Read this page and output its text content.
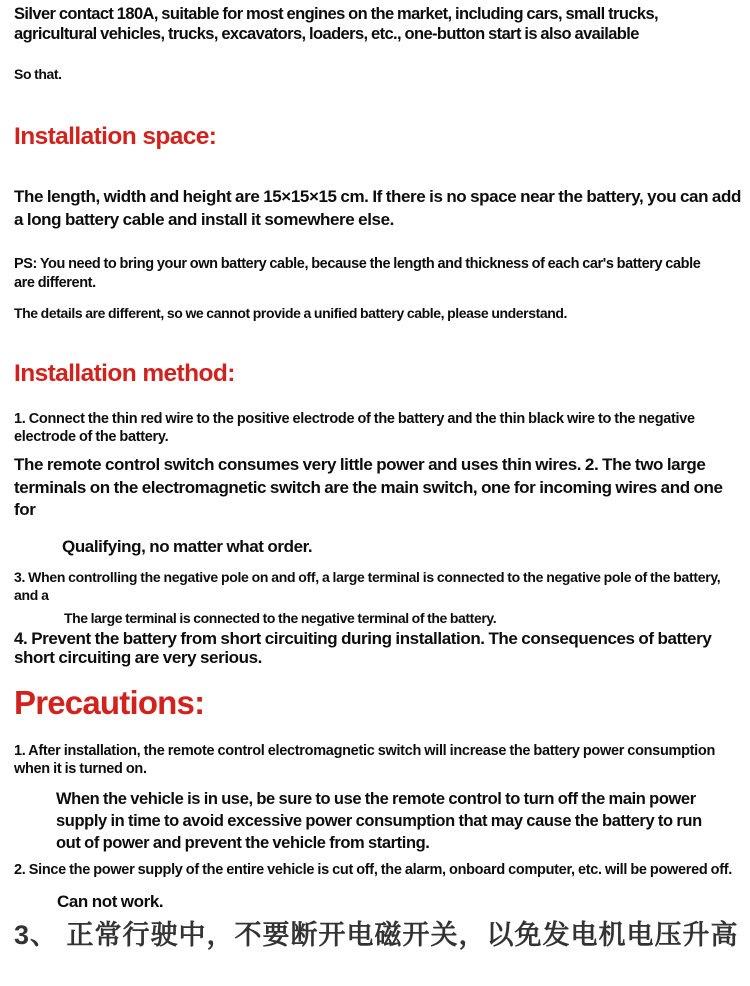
Silver contact 180A, suitable for most engines on the market, including cars, small trucks, agricultural vehicles, trucks, excavators, loaders, etc., one-button start is also available
So that.
Installation space:
The length, width and height are 15×15×15 cm. If there is no space near the battery, you can add a long battery cable and install it somewhere else.
PS: You need to bring your own battery cable, because the length and thickness of each car's battery cable are different.
The details are different, so we cannot provide a unified battery cable, please understand.
Installation method:
1. Connect the thin red wire to the positive electrode of the battery and the thin black wire to the negative electrode of the battery.
The remote control switch consumes very little power and uses thin wires. 2. The two large terminals on the electromagnetic switch are the main switch, one for incoming wires and one for
Qualifying, no matter what order.
3. When controlling the negative pole on and off, a large terminal is connected to the negative pole of the battery, and a
The large terminal is connected to the negative terminal of the battery.
4. Prevent the battery from short circuiting during installation. The consequences of battery short circuiting are very serious.
Precautions:
1. After installation, the remote control electromagnetic switch will increase the battery power consumption when it is turned on.
When the vehicle is in use, be sure to use the remote control to turn off the main power supply in time to avoid excessive power consumption that may cause the battery to run out of power and prevent the vehicle from starting.
2. Since the power supply of the entire vehicle is cut off, the alarm, onboard computer, etc. will be powered off.
Can not work.
3、 正常行驶中，不要断开电磁开关，以免发电机电压升高
